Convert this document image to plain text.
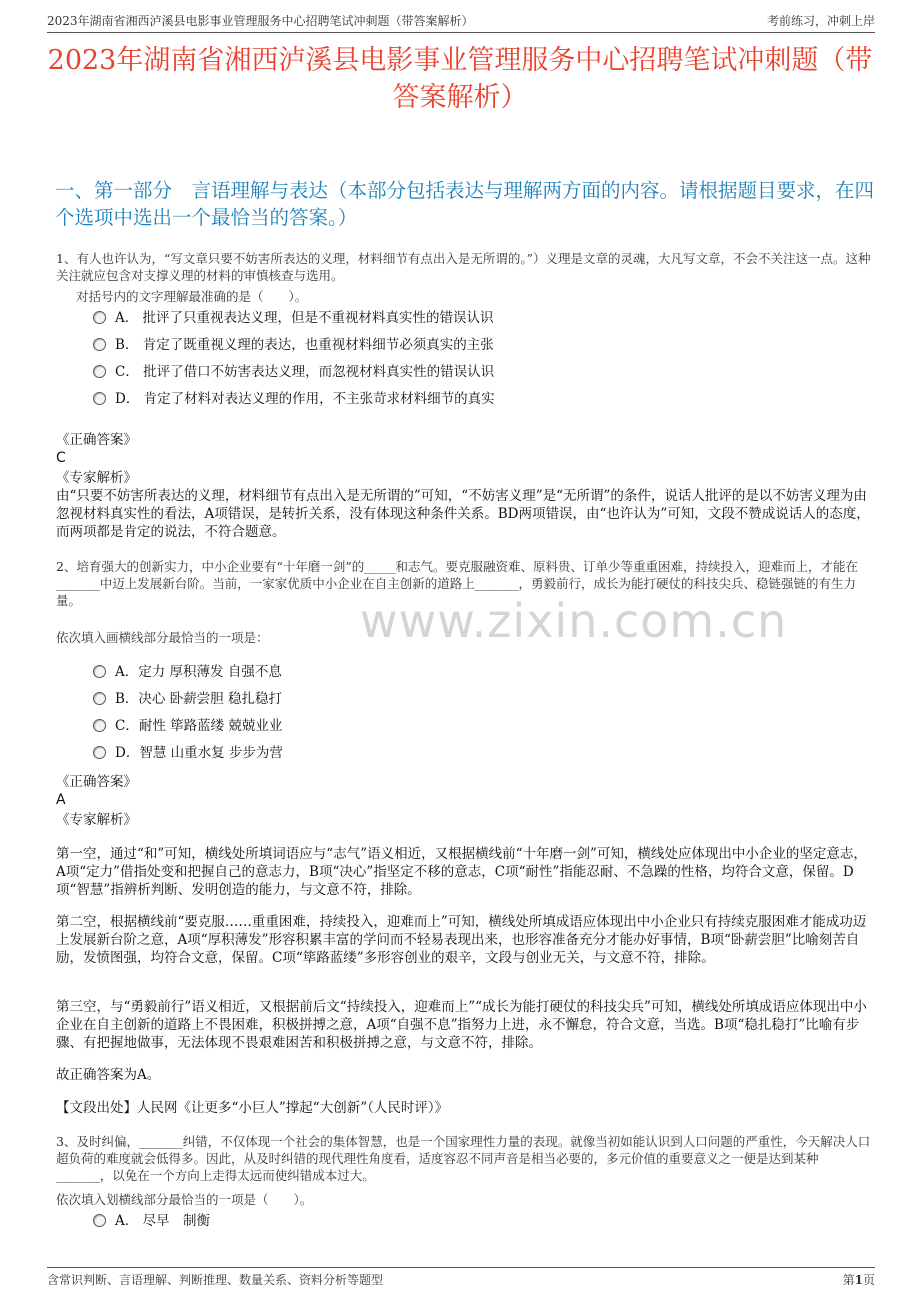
2023年湖南省湘西泸溪县电影事业管理服务中心招聘笔试冲刺题（带答案解析）	考前练习，冲刺上岸
2023年湖南省湘西泸溪县电影事业管理服务中心招聘笔试冲刺题（带答案解析）
一、第一部分　言语理解与表达（本部分包括表达与理解两方面的内容。请根据题目要求，在四个选项中选出一个最恰当的答案。）
1、有人也许认为，“写文章只要不妨害所表达的义理，材料细节有点出入是无所谓的。”）义理是文章的灵魂，大凡写文章，不会不关注这一点。这种关注就应包含对支撑义理的材料的审慎核查与选用。
对括号内的文字理解最准确的是（　　）。
A． 批评了只重视表达义理，但是不重视材料真实性的错误认识
B． 肯定了既重视义理的表达，也重视材料细节必须真实的主张
C． 批评了借口不妨害表达义理，而忽视材料真实性的错误认识
D． 肯定了材料对表达义理的作用，不主张苛求材料细节的真实
《正确答案》
C
《专家解析》
由“只要不妨害所表达的义理，材料细节有点出入是无所谓的”可知，“不妨害义理”是“无所谓”的条件，说话人批评的是以不妨害义理为由忽视材料真实性的看法，A项错误，是转折关系，没有体现这种条件关系。BD两项错误，由“也许认为”可知，文段不赞成说话人的态度，而两项都是肯定的说法，不符合题意。
2、培育强大的创新实力，中小企业要有“十年磨一剑”的_____和志气。要克服融资难、原料贵、订单少等重重困难，持续投入，迎难而上，才能在_______中迈上发展新台阶。当前，一家家优质中小企业在自主创新的道路上_______，勇毅前行，成长为能打硬仗的科技尖兵、稳链强链的有生力量。
依次填入画横线部分最恰当的一项是：	www.zixin.com.cn
A．定力 厚积薄发 自强不息
B．决心 卧薪尝胆 稳扎稳打
C．耐性 筚路蓝缕 兢兢业业
D．智慧 山重水复 步步为营
《正确答案》
A
《专家解析》
第一空，通过“和”可知，横线处所填词语应与“志气”语义相近，又根据横线前“十年磨一剑”可知，横线处应体现出中小企业的坚定意志，A项“定力”借指处变和把握自己的意志力，B项“决心”指坚定不移的意志，C项“耐性”指能忍耐、不急躁的性格，均符合文意，保留。D项“智慧”指辨析判断、发明创造的能力，与文意不符，排除。
第二空，根据横线前“要克服……重重困难，持续投入，迎难而上”可知，横线处所填成语应体现出中小企业只有持续克服困难才能成功迈上发展新台阶之意，A项“厚积薄发”形容积累丰富的学问而不轻易表现出来，也形容准备充分才能办好事情，B项“卧薪尝胆”比喻刻苦自励，发愤图强，均符合文意，保留。C项“筚路蓝缕”多形容创业的艰辛，文段与创业无关，与文意不符，排除。
第三空，与“勇毅前行”语义相近，又根据前后文“持续投入，迎难而上”“成长为能打硬仗的科技尖兵”可知，横线处所填成语应体现出中小企业在自主创新的道路上不畏困难，积极拼搏之意，A项“自强不息”指努力上进，永不懈怠，符合文意，当选。B项“稳扎稳打”比喻有步骤、有把握地做事，无法体现不畏艰难困苦和积极拼搏之意，与文意不符，排除。
故正确答案为A。
【文段出处】人民网《让更多“小巨人”撑起“大创新”（人民时评）》
3、及时纠偏，_______纠错，不仅体现一个社会的集体智慧，也是一个国家理性力量的表现。就像当初如能认识到人口问题的严重性，今天解决人口超负荷的难度就会低得多。因此，从及时纠错的现代理性角度看，适度容忍不同声音是相当必要的，多元价值的重要意义之一便是达到某种_______，以免在一个方向上走得太远而使纠错成本过大。
依次填入划横线部分最恰当的一项是（　　）。
A． 尽早　制衡
含常识判断、言语理解、判断推理、数量关系、资料分析等题型	第1页
